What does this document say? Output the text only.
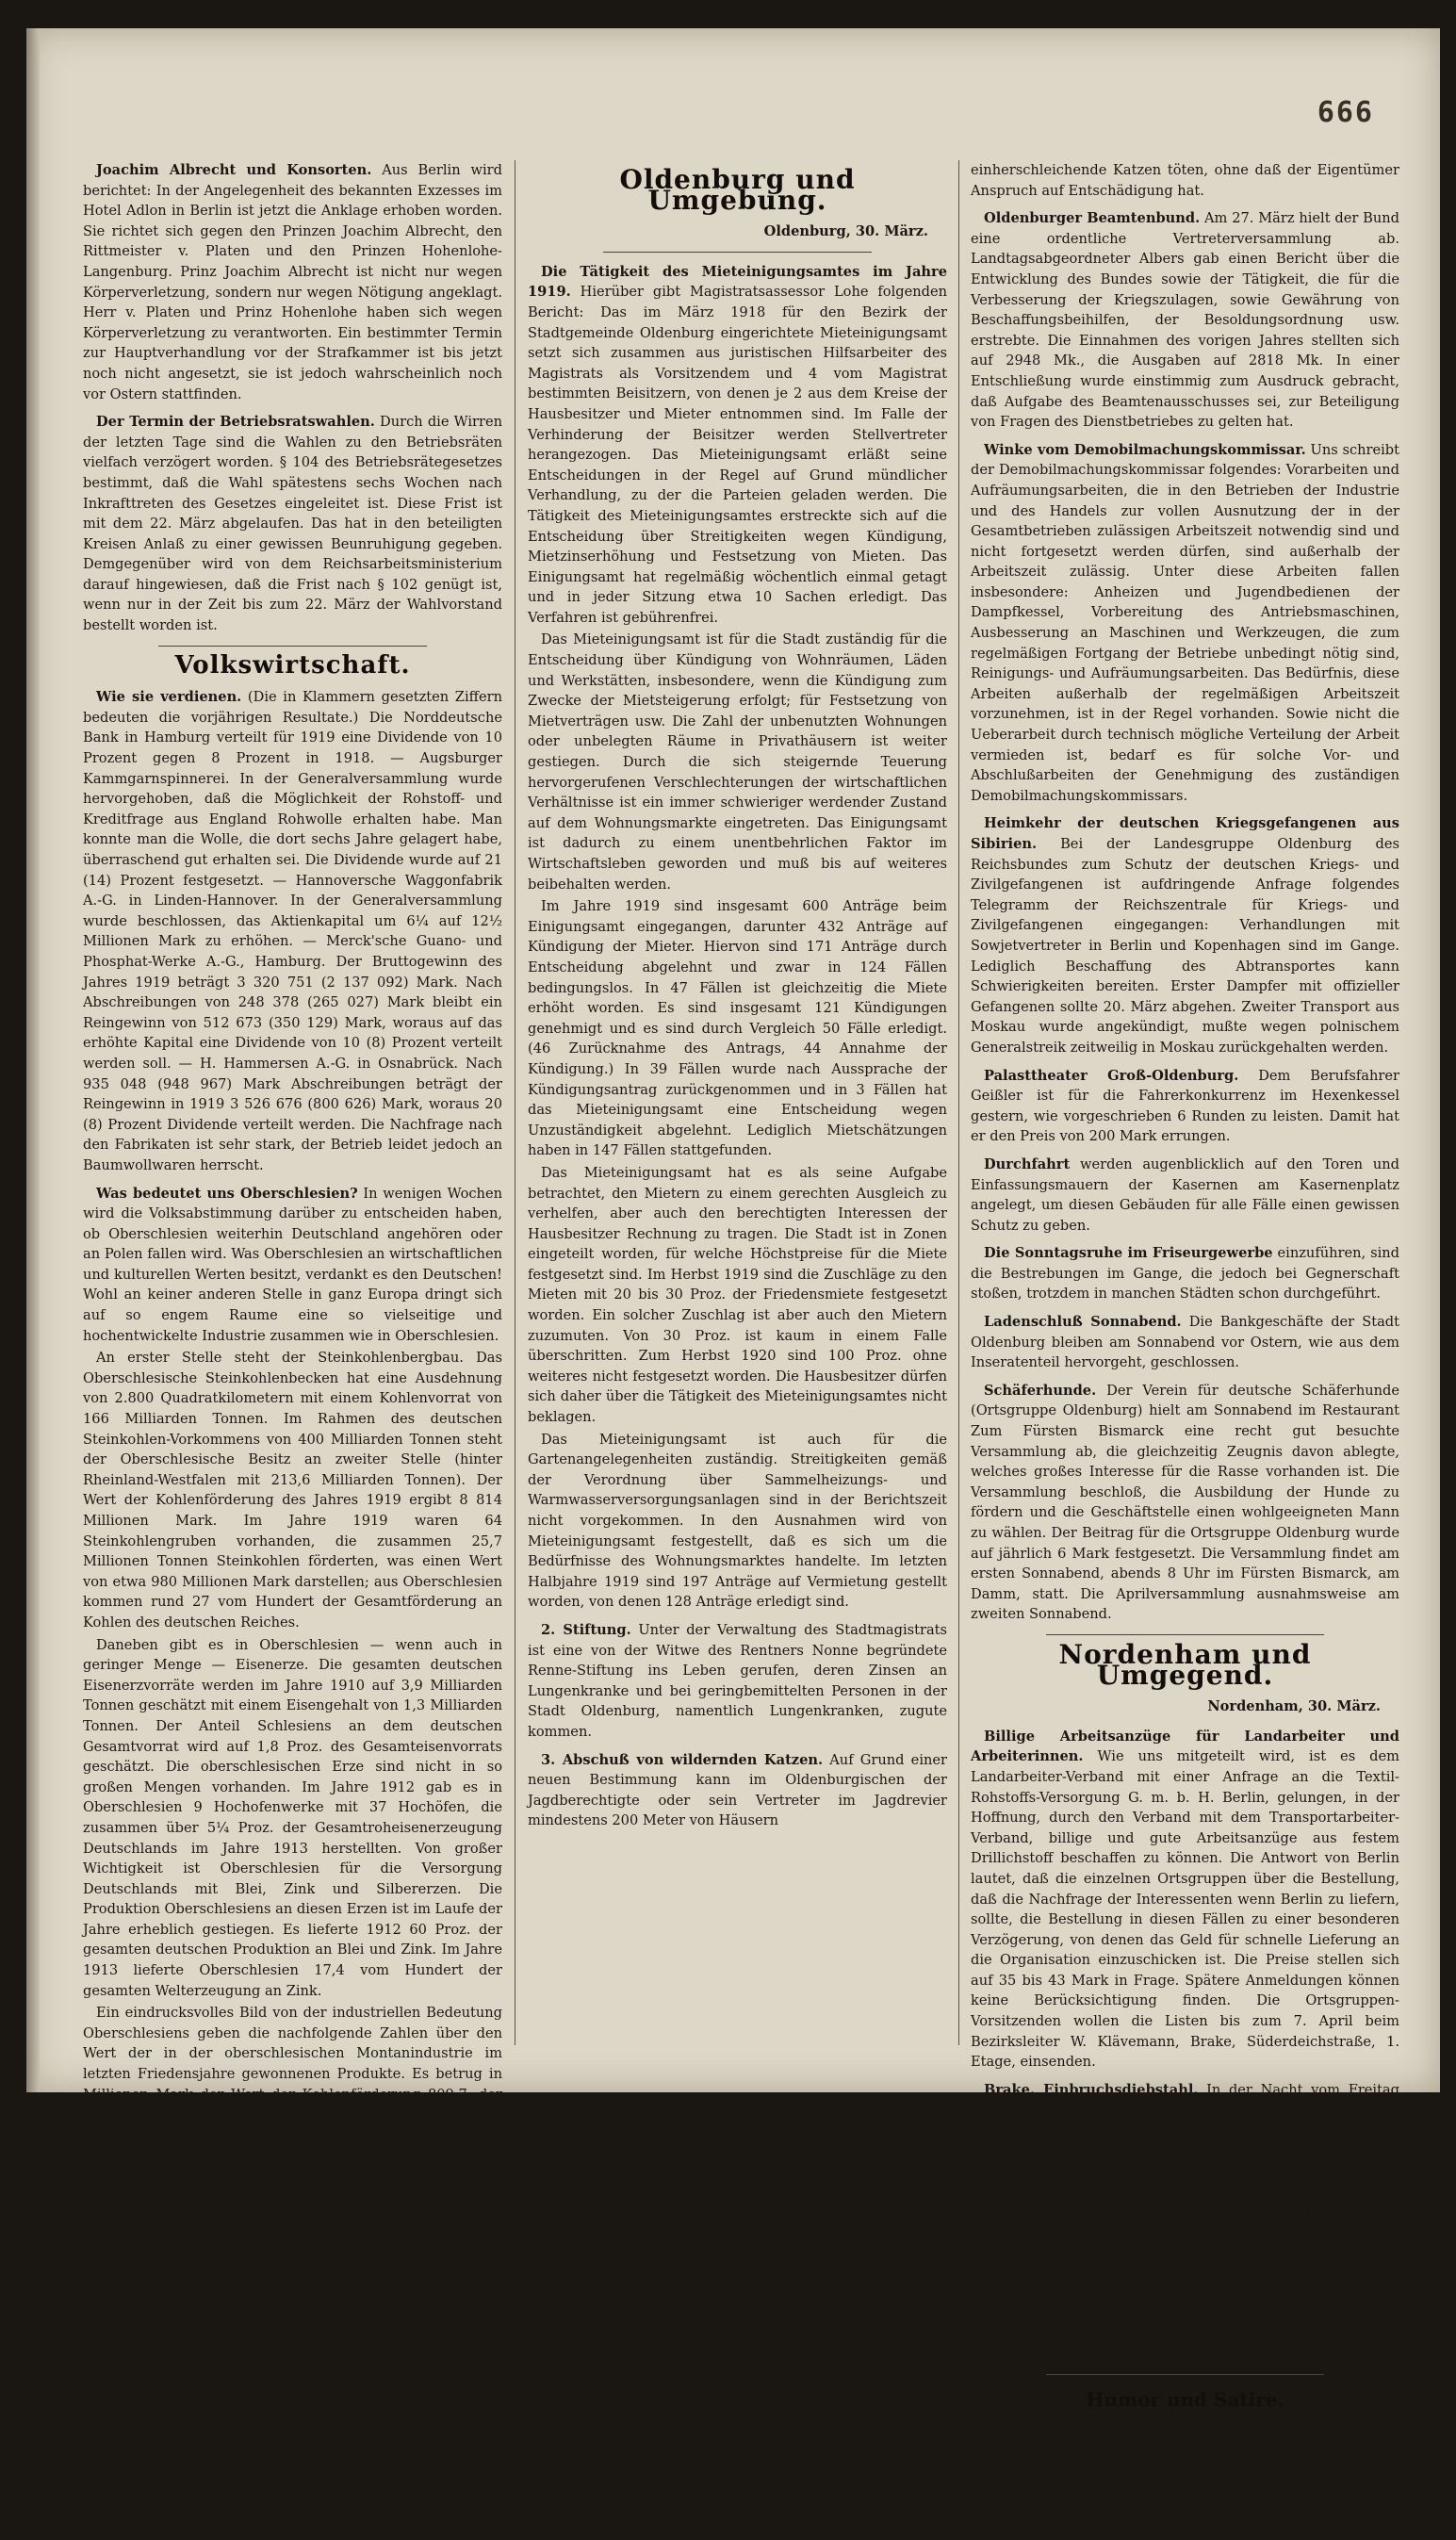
666

Joachim Albrecht und Konsorten. Aus Berlin wird berichtet: In der Angelegenheit des bekannten Exzesses im Hotel Adlon in Berlin ist jetzt die Anklage erhoben worden. Sie richtet sich gegen den Prinzen Joachim Albrecht, den Rittmeister v. Platen und den Prinzen Hohenlohe-Langenburg. Prinz Joachim Albrecht ist nicht nur wegen Körperverletzung, sondern nur wegen Nötigung angeklagt. Herr v. Platen und Prinz Hohenlohe haben sich wegen Körperverletzung zu verantworten. Ein bestimmter Termin zur Hauptverhandlung vor der Strafkammer ist bis jetzt noch nicht angesetzt, sie ist jedoch wahrscheinlich noch vor Ostern stattfinden.

Der Termin der Betriebsratswahlen. Durch die Wirren der letzten Tage sind die Wahlen zu den Betriebsräten vielfach verzögert worden. § 104 des Betriebsrätegesetzes bestimmt, daß die Wahl spätestens sechs Wochen nach Inkrafttreten des Gesetzes eingeleitet ist. Diese Frist ist mit dem 22. März abgelaufen. Das hat in den beteiligten Kreisen Anlaß zu einer gewissen Beunruhigung gegeben. Demgegenüber wird von dem Reichsarbeitsministerium darauf hingewiesen, daß die Frist nach § 102 genügt ist, wenn nur in der Zeit bis zum 22. März der Wahlvorstand bestellt worden ist.

Volkswirtschaft.

Wie sie verdienen. (Die in Klammern gesetzten Ziffern bedeuten die vorjährigen Resultate.) Die Norddeutsche Bank in Hamburg verteilt für 1919 eine Dividende von 10 Prozent gegen 8 Prozent in 1918. — Augsburger Kammgarnspinnerei. In der Generalversammlung wurde hervorgehoben, daß die Möglichkeit der Rohstoff- und Kreditfrage aus England Rohwolle erhalten habe. Man konnte man die Wolle, die dort sechs Jahre gelagert habe, überraschend gut erhalten sei. Die Dividende wurde auf 21 (14) Prozent festgesetzt. — Hannoversche Waggonfabrik A.-G. in Linden-Hannover. In der Generalversammlung wurde beschlossen, das Aktienkapital um 6¼ auf 12½ Millionen Mark zu erhöhen. — Merck'sche Guano- und Phosphat-Werke A.-G., Hamburg. Der Bruttogewinn des Jahres 1919 beträgt 3 320 751 (2 137 092) Mark. Nach Abschreibungen von 248 378 (265 027) Mark bleibt ein Reingewinn von 512 673 (350 129) Mark, woraus auf das erhöhte Kapital eine Dividende von 10 (8) Prozent verteilt werden soll. — H. Hammersen A.-G. in Osnabrück. Nach 935 048 (948 967) Mark Abschreibungen beträgt der Reingewinn in 1919 3 526 676 (800 626) Mark, woraus 20 (8) Prozent Dividende verteilt werden. Die Nachfrage nach den Fabrikaten ist sehr stark, der Betrieb leidet jedoch an Baumwollwaren herrscht.

Was bedeutet uns Oberschlesien? In wenigen Wochen wird die Volksabstimmung darüber zu entscheiden haben, ob Oberschlesien weiterhin Deutschland angehören oder an Polen fallen wird. Was Oberschlesien an wirtschaftlichen und kulturellen Werten besitzt, verdankt es den Deutschen! Wohl an keiner anderen Stelle in ganz Europa dringt sich auf so engem Raume eine so vielseitige und hochentwickelte Industrie zusammen wie in Oberschlesien.

An erster Stelle steht der Steinkohlenbergbau. Das Oberschlesische Steinkohlenbecken hat eine Ausdehnung von 2.800 Quadratkilometern mit einem Kohlenvorrat von 166 Milliarden Tonnen. Im Rahmen des deutschen Steinkohlen-Vorkommens von 400 Milliarden Tonnen steht der Oberschlesische Besitz an zweiter Stelle (hinter Rheinland-Westfalen mit 213,6 Milliarden Tonnen). Der Wert der Kohlenförderung des Jahres 1919 ergibt 8 814 Millionen Mark. Im Jahre 1919 waren 64 Steinkohlengruben vorhanden, die zusammen 25,7 Millionen Tonnen Steinkohlen förderten, was einen Wert von etwa 980 Millionen Mark darstellen; aus Oberschlesien kommen rund 27 vom Hundert der Gesamtförderung an Kohlen des deutschen Reiches.

Daneben gibt es in Oberschlesien — wenn auch in geringer Menge — Eisenerze. Die gesamten deutschen Eisenerzvorräte werden im Jahre 1910 auf 3,9 Milliarden Tonnen geschätzt mit einem Eisengehalt von 1,3 Milliarden Tonnen. Der Anteil Schlesiens an dem deutschen Gesamtvorrat wird auf 1,8 Proz. des Gesamteisenvorrats geschätzt. Die oberschlesischen Erze sind nicht in so großen Mengen vorhanden. Im Jahre 1912 gab es in Oberschlesien 9 Hochofenwerke mit 37 Hochöfen, die zusammen über 5¼ Proz. der Gesamtroheisenerzeugung Deutschlands im Jahre 1913 herstellten. Von großer Wichtigkeit ist Oberschlesien für die Versorgung Deutschlands mit Blei, Zink und Silbererzen. Die Produktion Oberschlesiens an diesen Erzen ist im Laufe der Jahre erheblich gestiegen. Es lieferte 1912 60 Proz. der gesamten deutschen Produktion an Blei und Zink. Im Jahre 1913 lieferte Oberschlesien 17,4 vom Hundert der gesamten Welterzeugung an Zink.

Ein eindrucksvolles Bild von der industriellen Bedeutung Oberschlesiens geben die nachfolgende Zahlen über den Wert der in der oberschlesischen Montanindustrie im letzten Friedensjahre gewonnenen Produkte. Es betrug in Millionen Mark der Wert der Kohlenförderung 809,7, der Wert der Produktion der Eisen-, Zink- und Bleierzgruben 37,1, der Wert der Produktion der Eisenhütten- und Walzwerke 242,4, der Zinkhütten und Walzwerke 118,0 Millionen Mark. Die Produktion der oberschlesischen Montanbetriebe belief sich demnach auf rund 1 Milliarde Mark. Mit dem Verlust der oberschlesischen Montanbetriebe würde das Reich jährlich 40 Millionen Tonnen Fracht oder 10 Proz. des gesamten deutschen Frachtverkehrs einbüßen.

Aus diesen Wertziffern geht hervor die große Bedeutung Oberschlesiens für unser gesamtes Wirtschaftsleben. Sein Verlust würde die gesamte Industrie Deutschlands schwer erschüttern. Darum muß jeder an seinem Teile mithelfen, daß diese Gebiete uns erhalten bleiben. Wer an der Entscheidung beteiligt ist, der wahre seine Stimme abzugeben und tue damit Dienst dem deutschen Vaterlande.

Oldenburg und Umgebung.
Oldenburg, 30. März.

Die Tätigkeit des Mieteinigungsamtes im Jahre 1919. Hierüber gibt Magistratsassessor Lohe folgenden Bericht: Das im März 1918 für den Bezirk der Stadtgemeinde Oldenburg eingerichtete Mieteinigungsamt setzt sich zusammen aus juristischen Hilfsarbeiter des Magistrats als Vorsitzendem und 4 vom Magistrat bestimmten Beisitzern, von denen je 2 aus dem Kreise der Hausbesitzer und Mieter entnommen sind. Im Falle der Verhinderung der Beisitzer werden Stellvertreter herangezogen. Das Mieteinigungsamt erläßt seine Entscheidungen in der Regel auf Grund mündlicher Verhandlung, zu der die Parteien geladen werden. Die Tätigkeit des Mieteinigungsamtes erstreckte sich auf die Entscheidung über Streitigkeiten wegen Kündigung, Mietzinserhöhung und Festsetzung von Mieten. Das Einigungsamt hat regelmäßig wöchentlich einmal getagt und in jeder Sitzung etwa 10 Sachen erledigt. Das Verfahren ist gebührenfrei.

Das Mieteinigungsamt ist für die Stadt zuständig für die Entscheidung über Kündigung von Wohnräumen, Läden und Werkstätten, insbesondere, wenn die Kündigung zum Zwecke der Mietsteigerung erfolgt; für Festsetzung von Mietverträgen usw. Die Zahl der unbenutzten Wohnungen oder unbelegten Räume in Privathäusern ist weiter gestiegen. Durch die sich steigernde Teuerung hervorgerufenen Verschlechterungen der wirtschaftlichen Verhältnisse ist ein immer schwieriger werdender Zustand auf dem Wohnungsmarkte eingetreten. Das Einigungsamt ist dadurch zu einem unentbehrlichen Faktor im Wirtschaftsleben geworden und muß bis auf weiteres beibehalten werden.

Im Jahre 1919 sind insgesamt 600 Anträge beim Einigungsamt eingegangen, darunter 432 Anträge auf Kündigung der Mieter. Hiervon sind 171 Anträge durch Entscheidung abgelehnt und zwar in 124 Fällen bedingungslos. In 47 Fällen ist gleichzeitig die Miete erhöht worden. Es sind insgesamt 121 Kündigungen genehmigt und es sind durch Vergleich 50 Fälle erledigt. (46 Zurücknahme des Antrags, 44 Annahme der Kündigung.) In 39 Fällen wurde nach Aussprache der Kündigungsantrag zurückgenommen und in 3 Fällen hat das Mieteinigungsamt eine Entscheidung wegen Unzuständigkeit abgelehnt. Lediglich Mietschätzungen haben in 147 Fällen stattgefunden.

Das Mieteinigungsamt hat es als seine Aufgabe betrachtet, den Mietern zu einem gerechten Ausgleich zu verhelfen, aber auch den berechtigten Interessen der Hausbesitzer Rechnung zu tragen. Die Stadt ist in Zonen eingeteilt worden, für welche Höchstpreise für die Miete festgesetzt sind. Im Herbst 1919 sind die Zuschläge zu den Mieten mit 20 bis 30 Proz. der Friedensmiete festgesetzt worden. Ein solcher Zuschlag ist aber auch den Mietern zuzumuten. Von 30 Proz. ist kaum in einem Falle überschritten. Zum Herbst 1920 sind 100 Proz. ohne weiteres nicht festgesetzt worden. Die Hausbesitzer dürfen sich daher über die Tätigkeit des Mieteinigungsamtes nicht beklagen.

Das Mieteinigungsamt ist auch für die Gartenangelegenheiten zuständig. Streitigkeiten gemäß der Verordnung über Sammelheizungs- und Warmwasserversorgungsanlagen sind in der Berichtszeit nicht vorgekommen. In den Ausnahmen wird von Mieteinigungsamt festgestellt, daß es sich um die Bedürfnisse des Wohnungsmarktes handelte. Im letzten Halbjahre 1919 sind 197 Anträge auf Vermietung gestellt worden, von denen 128 Anträge erledigt sind.

2. Stiftung. Unter der Verwaltung des Stadtmagistrats ist eine von der Witwe des Rentners Nonne begründete Renne-Stiftung ins Leben gerufen, deren Zinsen an Lungenkranke und bei geringbemittelten Personen in der Stadt Oldenburg, namentlich Lungenkranken, zugute kommen.

3. Abschuß von wildernden Katzen. Auf Grund einer neuen Bestimmung kann im Oldenburgischen der Jagdberechtigte oder sein Vertreter im Jagdrevier mindestens 200 Meter von Häusern

einherschleichende Katzen töten, ohne daß der Eigentümer Anspruch auf Entschädigung hat.

Oldenburger Beamtenbund. Am 27. März hielt der Bund eine ordentliche Vertreterversammlung ab. Landtagsabgeordneter Albers gab einen Bericht über die Entwicklung des Bundes sowie der Tätigkeit, die für die Verbesserung der Kriegszulagen, sowie Gewährung von Beschaffungsbeihilfen, der Besoldungsordnung usw. erstrebte. Die Einnahmen des vorigen Jahres stellten sich auf 2948 Mk., die Ausgaben auf 2818 Mk. In einer Entschließung wurde einstimmig zum Ausdruck gebracht, daß Aufgabe des Beamtenausschusses sei, zur Beteiligung von Fragen des Dienstbetriebes zu gelten hat.

Winke vom Demobilmachungskommissar. Uns schreibt der Demobilmachungskommissar folgendes: Vorarbeiten und Aufräumungsarbeiten, die in den Betrieben der Industrie und des Handels zur vollen Ausnutzung der in der Gesamtbetrieben zulässigen Arbeitszeit notwendig sind und nicht fortgesetzt werden dürfen, sind außerhalb der Arbeitszeit zulässig. Unter diese Arbeiten fallen insbesondere: Anheizen und Jugendbedienen der Dampfkessel, Vorbereitung des Antriebsmaschinen, Ausbesserung an Maschinen und Werkzeugen, die zum regelmäßigen Fortgang der Betriebe unbedingt nötig sind, Reinigungs- und Aufräumungsarbeiten. Das Bedürfnis, diese Arbeiten außerhalb der regelmäßigen Arbeitszeit vorzunehmen, ist in der Regel vorhanden. Sowie nicht die Ueberarbeit durch technisch mögliche Verteilung der Arbeit vermieden ist, bedarf es für solche Vor- und Abschlußarbeiten der Genehmigung des zuständigen Demobilmachungskommissars.

Heimkehr der deutschen Kriegsgefangenen aus Sibirien. Bei der Landesgruppe Oldenburg des Reichsbundes zum Schutz der deutschen Kriegs- und Zivilgefangenen ist aufdringende Anfrage folgendes Telegramm der Reichszentrale für Kriegs- und Zivilgefangenen eingegangen: Verhandlungen mit Sowjetvertreter in Berlin und Kopenhagen sind im Gange. Lediglich Beschaffung des Abtransportes kann Schwierigkeiten bereiten. Erster Dampfer mit offizieller Gefangenen sollte 20. März abgehen. Zweiter Transport aus Moskau wurde angekündigt, mußte wegen polnischem Generalstreik zeitweilig in Moskau zurückgehalten werden.

Palasttheater Groß-Oldenburg. Dem Berufsfahrer Geißler ist für die Fahrerkonkurrenz im Hexenkessel gestern, wie vorgeschrieben 6 Runden zu leisten. Damit hat er den Preis von 200 Mark errungen.

Durchfahrt werden augenblicklich auf den Toren und Einfassungsmauern der Kasernen am Kasernenplatz angelegt, um diesen Gebäuden für alle Fälle einen gewissen Schutz zu geben.

Die Sonntagsruhe im Friseurgewerbe einzuführen, sind die Bestrebungen im Gange, die jedoch bei Gegnerschaft stoßen, trotzdem in manchen Städten schon durchgeführt.

Ladenschluß Sonnabend. Die Bankgeschäfte der Stadt Oldenburg bleiben am Sonnabend vor Ostern, wie aus dem Inseratenteil hervorgeht, geschlossen.

Schäferhunde. Der Verein für deutsche Schäferhunde (Ortsgruppe Oldenburg) hielt am Sonnabend im Restaurant Zum Fürsten Bismarck eine recht gut besuchte Versammlung ab, die gleichzeitig Zeugnis davon ablegte, welches großes Interesse für die Rasse vorhanden ist. Die Versammlung beschloß, die Ausbildung der Hunde zu fördern und die Geschäftstelle einen wohlgeeigneten Mann zu wählen. Der Beitrag für die Ortsgruppe Oldenburg wurde auf jährlich 6 Mark festgesetzt. Die Versammlung findet am ersten Sonnabend, abends 8 Uhr im Fürsten Bismarck, am Damm, statt. Die Aprilversammlung ausnahmsweise am zweiten Sonnabend.

Nordenham und Umgegend.
Nordenham, 30. März.

Billige Arbeitsanzüge für Landarbeiter und Arbeiterinnen. Wie uns mitgeteilt wird, ist es dem Landarbeiter-Verband mit einer Anfrage an die Textil-Rohstoffs-Versorgung G. m. b. H. Berlin, gelungen, in der Hoffnung, durch den Verband mit dem Transportarbeiter-Verband, billige und gute Arbeitsanzüge aus festem Drillichstoff beschaffen zu können. Die Antwort von Berlin lautet, daß die einzelnen Ortsgruppen über die Bestellung, daß die Nachfrage der Interessenten wenn Berlin zu liefern, sollte, die Bestellung in diesen Fällen zu einer besonderen Verzögerung, von denen das Geld für schnelle Lieferung an die Organisation einzuschicken ist. Die Preise stellen sich auf 35 bis 43 Mark in Frage. Spätere Anmeldungen können keine Berücksichtigung finden. Die Ortsgruppen-Vorsitzenden wollen die Listen bis zum 7. April beim Bezirksleiter W. Klävemann, Brake, Süderdeichstraße, 1. Etage, einsenden.

Brake. Einbruchsdiebstahl. In der Nacht vom Freitag auf Sonnabend wurde in der Plaßmannschen Besitzung am Schleusendeich ein Einbruchsdiebstahl ausgeführt. Die Einbrecher in das Haus, unbemerkt von der Bewohnerin, entwendeten Teppiche, Kleidungsstücke und Silbersachen im Werte von 20 000 Mark. Der Verdacht ist gefallen, daß es sich um auswärtige Täter handelt. Die Gendarmerie stellte sofort umfangreiche Nachforschungen an. — Schieberware. Ein Händler aus Abbehausen kam gestern mit seinem Fuhrwerk angefahren, das von der Ortspolizei angehalten und untersucht wurde. Es fand sich Korn, das beschlagnahmt wurde. Die Fracht bestand aus 33 Ferkeln, 2 Kälbern und mehreren Kaninchen, die bei Blumenthal bestimmt waren.

Humor und Satire.

Einfach! Ach, Emma, wenn ich nur wüßte, wie wir nur die vielen Eier aufessen sollen können?" — "Gib mir alles, dann geht es schneller!" (Jugend.) — Zweifelhafte Auskunft. "Mutter, was ist denn da los?" — "Na, was sollen die Kinder von ihren Eltern mal kriegen." — "Ach so: Keile!" (Dorfbarbier.)
